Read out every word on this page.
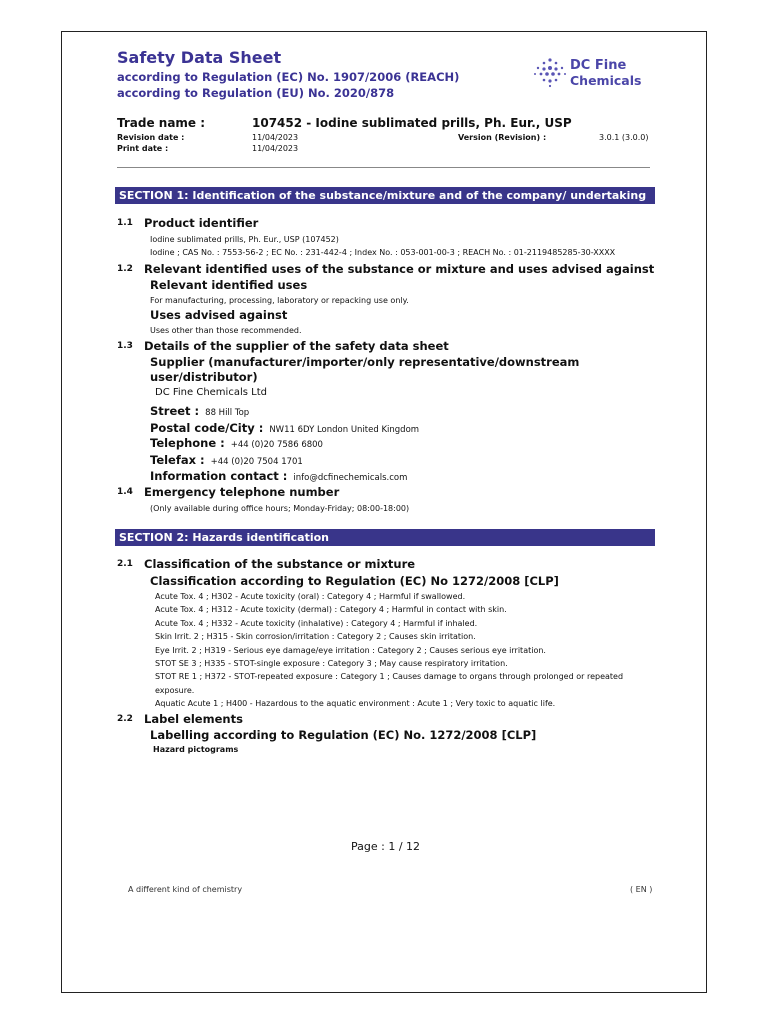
Safety Data Sheet
according to Regulation (EC) No. 1907/2006 (REACH)
according to Regulation (EU) No. 2020/878
DC Fine
Chemicals
Trade name :	107452 - Iodine sublimated prills, Ph. Eur., USP
Revision date :	11/04/2023
Print date :	11/04/2023
Version (Revision) :	3.0.1 (3.0.0)
SECTION 1: Identification of the substance/mixture and of the company/ undertaking
1.1 Product identifier
Iodine sublimated prills, Ph. Eur., USP (107452)
Iodine ; CAS No. : 7553-56-2 ; EC No. : 231-442-4 ; Index No. : 053-001-00-3 ; REACH No. : 01-2119485285-30-XXXX
1.2 Relevant identified uses of the substance or mixture and uses advised against
Relevant identified uses
For manufacturing, processing, laboratory or repacking use only.
Uses advised against
Uses other than those recommended.
1.3 Details of the supplier of the safety data sheet
Supplier (manufacturer/importer/only representative/downstream
user/distributor)
DC Fine Chemicals Ltd
Street : 88 Hill Top
Postal code/City : NW11 6DY London United Kingdom
Telephone : +44 (0)20 7586 6800
Telefax : +44 (0)20 7504 1701
Information contact : info@dcfinechemicals.com
1.4 Emergency telephone number
(Only available during office hours; Monday-Friday; 08:00-18:00)
SECTION 2: Hazards identification
2.1 Classification of the substance or mixture
Classification according to Regulation (EC) No 1272/2008 [CLP]
Acute Tox. 4 ; H302 - Acute toxicity (oral) : Category 4 ; Harmful if swallowed.
Acute Tox. 4 ; H312 - Acute toxicity (dermal) : Category 4 ; Harmful in contact with skin.
Acute Tox. 4 ; H332 - Acute toxicity (inhalative) : Category 4 ; Harmful if inhaled.
Skin Irrit. 2 ; H315 - Skin corrosion/irritation : Category 2 ; Causes skin irritation.
Eye Irrit. 2 ; H319 - Serious eye damage/eye irritation : Category 2 ; Causes serious eye irritation.
STOT SE 3 ; H335 - STOT-single exposure : Category 3 ; May cause respiratory irritation.
STOT RE 1 ; H372 - STOT-repeated exposure : Category 1 ; Causes damage to organs through prolonged or repeated
exposure.
Aquatic Acute 1 ; H400 - Hazardous to the aquatic environment : Acute 1 ; Very toxic to aquatic life.
2.2 Label elements
Labelling according to Regulation (EC) No. 1272/2008 [CLP]
Hazard pictograms
Page : 1 / 12
A different kind of chemistry	( EN )
